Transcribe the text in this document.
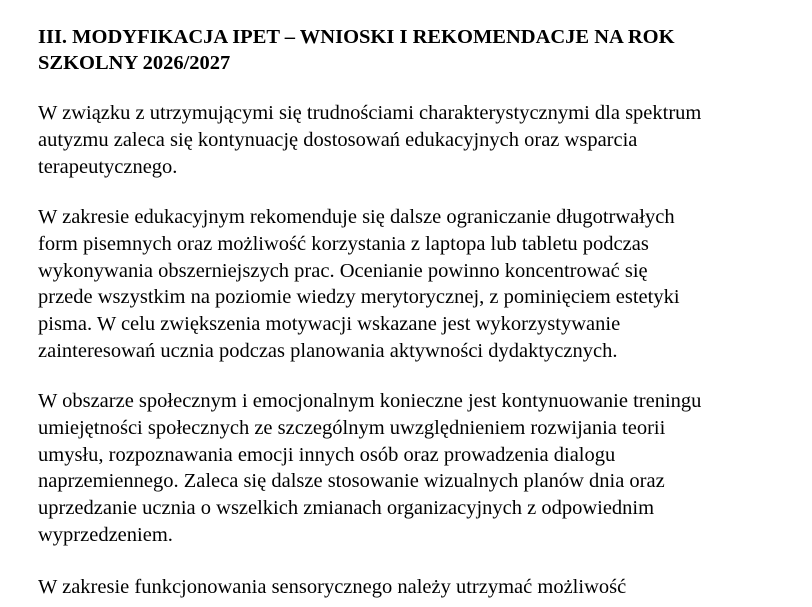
III. MODYFIKACJA IPET – WNIOSKI I REKOMENDACJE NA ROK
SZKOLNY 2026/2027

W związku z utrzymującymi się trudnościami charakterystycznymi dla spektrum
autyzmu zaleca się kontynuację dostosowań edukacyjnych oraz wsparcia
terapeutycznego.

W zakresie edukacyjnym rekomenduje się dalsze ograniczanie długotrwałych
form pisemnych oraz możliwość korzystania z laptopa lub tabletu podczas
wykonywania obszerniejszych prac. Ocenianie powinno koncentrować się
przede wszystkim na poziomie wiedzy merytorycznej, z pominięciem estetyki
pisma. W celu zwiększenia motywacji wskazane jest wykorzystywanie
zainteresowań ucznia podczas planowania aktywności dydaktycznych.

W obszarze społecznym i emocjonalnym konieczne jest kontynuowanie treningu
umiejętności społecznych ze szczególnym uwzględnieniem rozwijania teorii
umysłu, rozpoznawania emocji innych osób oraz prowadzenia dialogu
naprzemiennego. Zaleca się dalsze stosowanie wizualnych planów dnia oraz
uprzedzanie ucznia o wszelkich zmianach organizacyjnych z odpowiednim
wyprzedzeniem.

W zakresie funkcjonowania sensorycznego należy utrzymać możliwość
